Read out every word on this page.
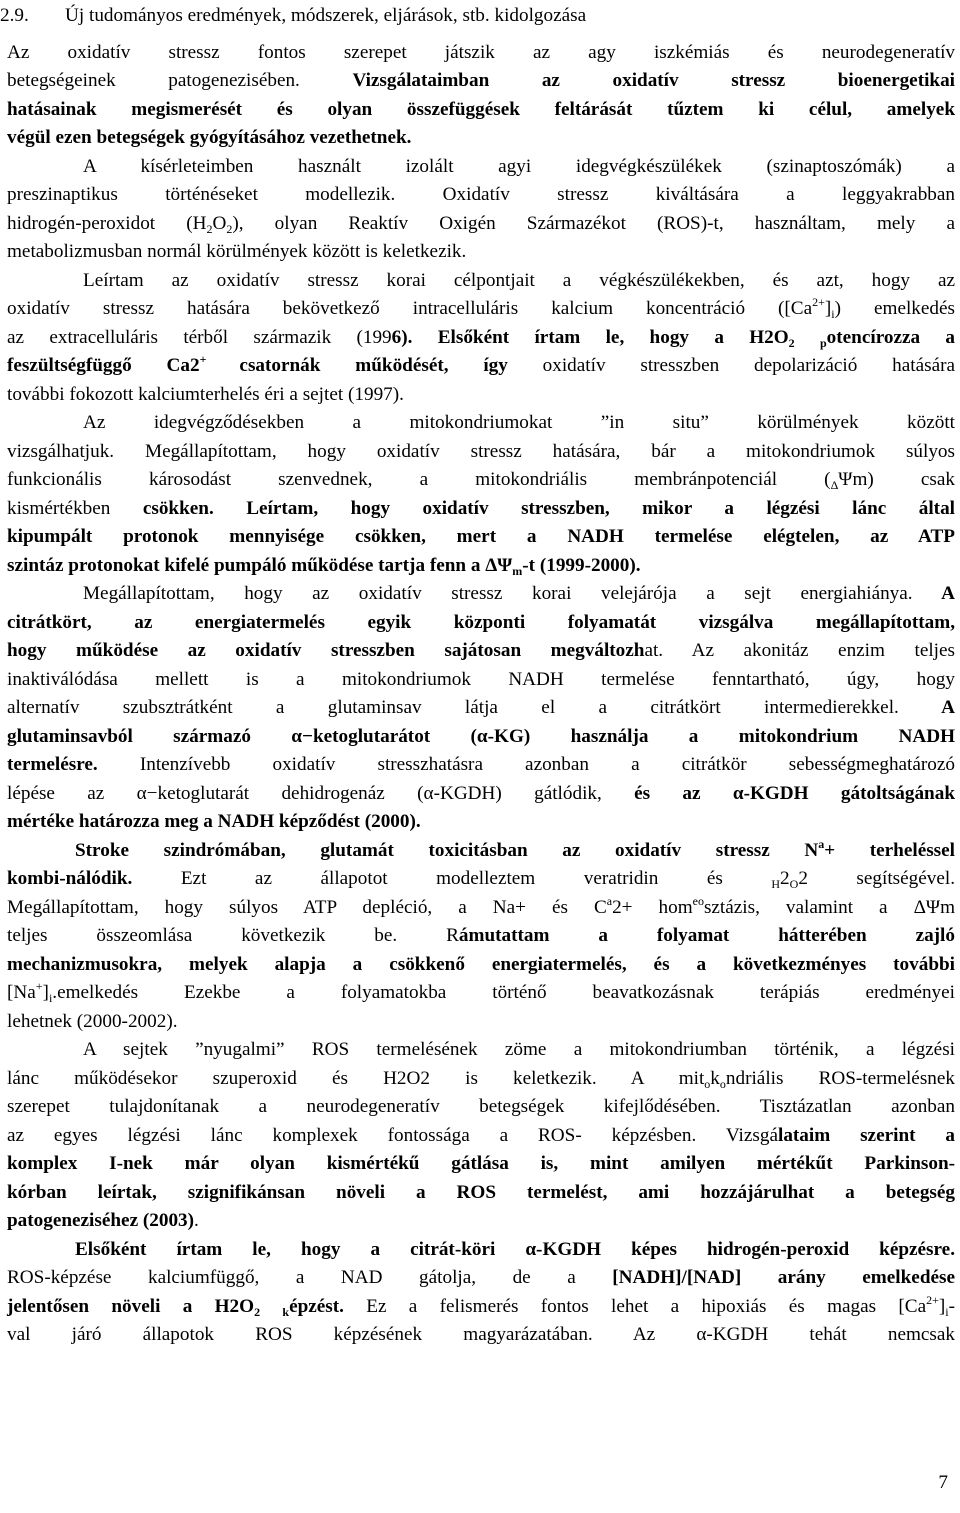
2.9. Új tudományos eredmények, módszerek, eljárások, stb. kidolgozása
Az oxidatív stressz fontos szerepet játszik az agy iszkémiás és neurodegeneratív
betegségeinek patogenezisében. Vizsgálataimban az oxidatív stressz bioenergetikai
hatásainak megismerését és olyan összefüggések feltárását tűztem ki célul, amelyek
végül ezen betegségek gyógyításához vezethetnek.
A kísérleteimben használt izolált agyi idegvégkészülékek (szinaptoszómák) a
preszinaptikus történéseket modellezik. Oxidatív stressz kiváltására a leggyakrabban
hidrogén-peroxidot $(H_2O_2)$, olyan Reaktív Oxigén Származékot (ROS)-t, használtam, mely a
metabolizmusban normál körülmények között is keletkezik.
Leírtam az oxidatív stressz korai célpontjait a végkészülékekben, és azt, hogy az
oxidatív stressz hatására bekövetkező intracelluláris kalcium koncentráció $([Ca^{2+}]_i)$ emelkedés
az extracelluláris térből származik (1996). Elsőként írtam le, hogy a $H2O_2$ $_p$otencírozza a
feszültségfüggő Ca2+ csatornák működését, így oxidatív stresszben depolarizáció hatására
további fokozott kalciumterhelés éri a sejtet (1997).
Az idegvégződésekben a mitokondriumokat ”in situ” körülmények között
vizsgálhatjuk. Megállapítottam, hogy oxidatív stressz hatására, bár a mitokondriumok súlyos
funkcionális károsodást szenvednek, a mitokondriális membránpotenciál $(_\Delta\Psi m)$ csak
kismértékben csökken. Leírtam, hogy oxidatív stresszben, mikor a légzési lánc által
kipumpált protonok mennyisége csökken, mert a NADH termelése elégtelen, az ATP
szintáz protonokat kifelé pumpáló működése tartja fenn a $\Delta\Psi_m-t$ (1999-2000).
Megállapítottam, hogy az oxidatív stressz korai velejárója a sejt energiahiánya. A
citrátkört, az energiatermelés egyik központi folyamatát vizsgálva megállapítottam,
hogy működése az oxidatív stresszben sajátosan megváltozhat. Az akonitáz enzim teljes
inaktiválódása mellett is a mitokondriumok NADH termelése fenntartható, úgy, hogy
alternatív szubsztrátként a glutaminsav látja el a citrátkört intermedierekkel. A
glutaminsavból származó α−ketoglutarátot (α-KG) használja a mitokondrium NADH
termelésre. Intenzívebb oxidatív stresszhatásra azonban a citrátkör sebességmeghatározó
lépése az α−ketoglutarát dehidrogenáz (α-KGDH) gátlódik, és az α-KGDH gátoltságának
mértéke határozza meg a NADH képződést (2000).
Stroke szindrómában, glutamát toxicitásban az oxidatív stressz $N^a+$ terheléssel
kombi-nálódik. Ezt az állapotot modelleztem veratridin és $_H2_O2$ segítségével.
Megállapítottam, hogy súlyos ATP depléció, a Na+ és $C^a2+$ hom$^{eo}$sztázis, valamint a ΔΨm
teljes összeomlása következik be. Rámutattam a folyamat hátterében zajló
mechanizmusokra, melyek alapja a csökkenő energiatermelés, és a következményes további
$[Na^+]_i.emelkedés$ Ezekbe a folyamatokba történő beavatkozásnak terápiás eredményei
lehetnek (2000-2002).
A sejtek ”nyugalmi” ROS termelésének zöme a mitokondriumban történik, a légzési
lánc működésekor szuperoxid és H2O2 is keletkezik. A $mit_ok_ondriális$ ROS-termelésnek
szerepet tulajdonítanak a neurodegeneratív betegségek kifejlődésében. Tisztázatlan azonban
az egyes légzési lánc komplexek fontossága a ROS- képzésben. Vizsgálataim szerint a
komplex I-nek már olyan kismértékű gátlása is, mint amilyen mértékűt Parkinson-
kórban leírtak, szignifikánsan növeli a ROS termelést, ami hozzájárulhat a betegség
patogeneziséhez (2003).
Elsőként írtam le, hogy a citrát-köri α-KGDH képes hidrogén-peroxid képzésre.
ROS-képzése kalciumfüggő, a NAD gátolja, de a [NADH]/[NAD] arány emelkedése
jelentősen növeli a $H2O_2$ $_k$épzést. Ez a felismerés fontos lehet a hipoxiás és magas $[Ca^{2+}]_i-$
val járó állapotok ROS képzésének magyarázatában. Az α-KGDH tehát nemcsak
7
